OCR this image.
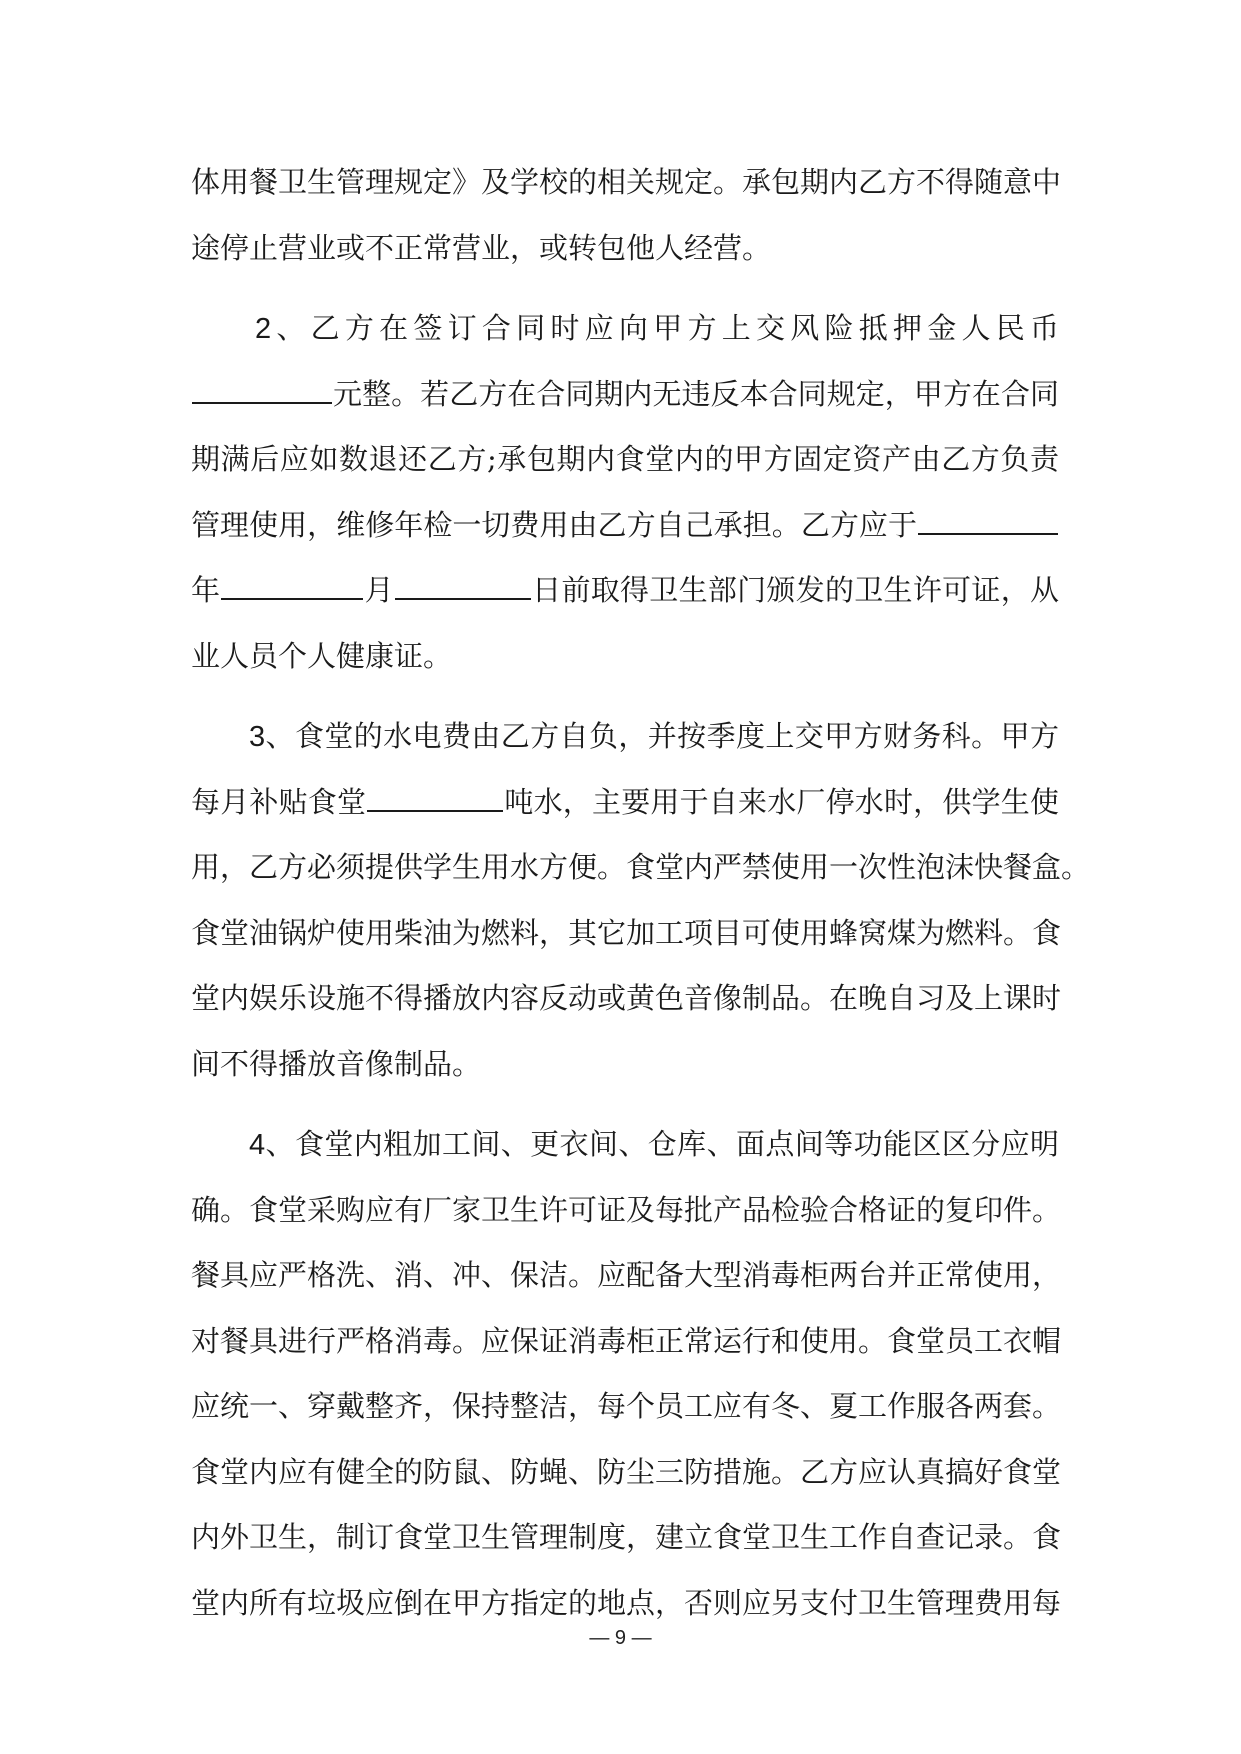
体用餐卫生管理规定》及学校的相关规定。承包期内乙方不得随意中
途停止营业或不正常营业，或转包他人经营。
2、乙方在签订合同时应向甲方上交风险抵押金人民币
元整。若乙方在合同期内无违反本合同规定，甲方在合同
期满后应如数退还乙方;承包期内食堂内的甲方固定资产由乙方负责
管理使用，维修年检一切费用由乙方自己承担。乙方应于
年	月	日前取得卫生部门颁发的卫生许可证，从
业人员个人健康证。
3、食堂的水电费由乙方自负，并按季度上交甲方财务科。甲方
每月补贴食堂	吨水，主要用于自来水厂停水时，供学生使
用，乙方必须提供学生用水方便。食堂内严禁使用一次性泡沫快餐盒。
食堂油锅炉使用柴油为燃料，其它加工项目可使用蜂窝煤为燃料。食
堂内娱乐设施不得播放内容反动或黄色音像制品。在晚自习及上课时
间不得播放音像制品。
4、食堂内粗加工间、更衣间、仓库、面点间等功能区区分应明
确。食堂采购应有厂家卫生许可证及每批产品检验合格证的复印件。
餐具应严格洗、消、冲、保洁。应配备大型消毒柜两台并正常使用，
对餐具进行严格消毒。应保证消毒柜正常运行和使用。食堂员工衣帽
应统一、穿戴整齐，保持整洁，每个员工应有冬、夏工作服各两套。
食堂内应有健全的防鼠、防蝇、防尘三防措施。乙方应认真搞好食堂
内外卫生，制订食堂卫生管理制度，建立食堂卫生工作自查记录。食
堂内所有垃圾应倒在甲方指定的地点，否则应另支付卫生管理费用每
— 9 —
